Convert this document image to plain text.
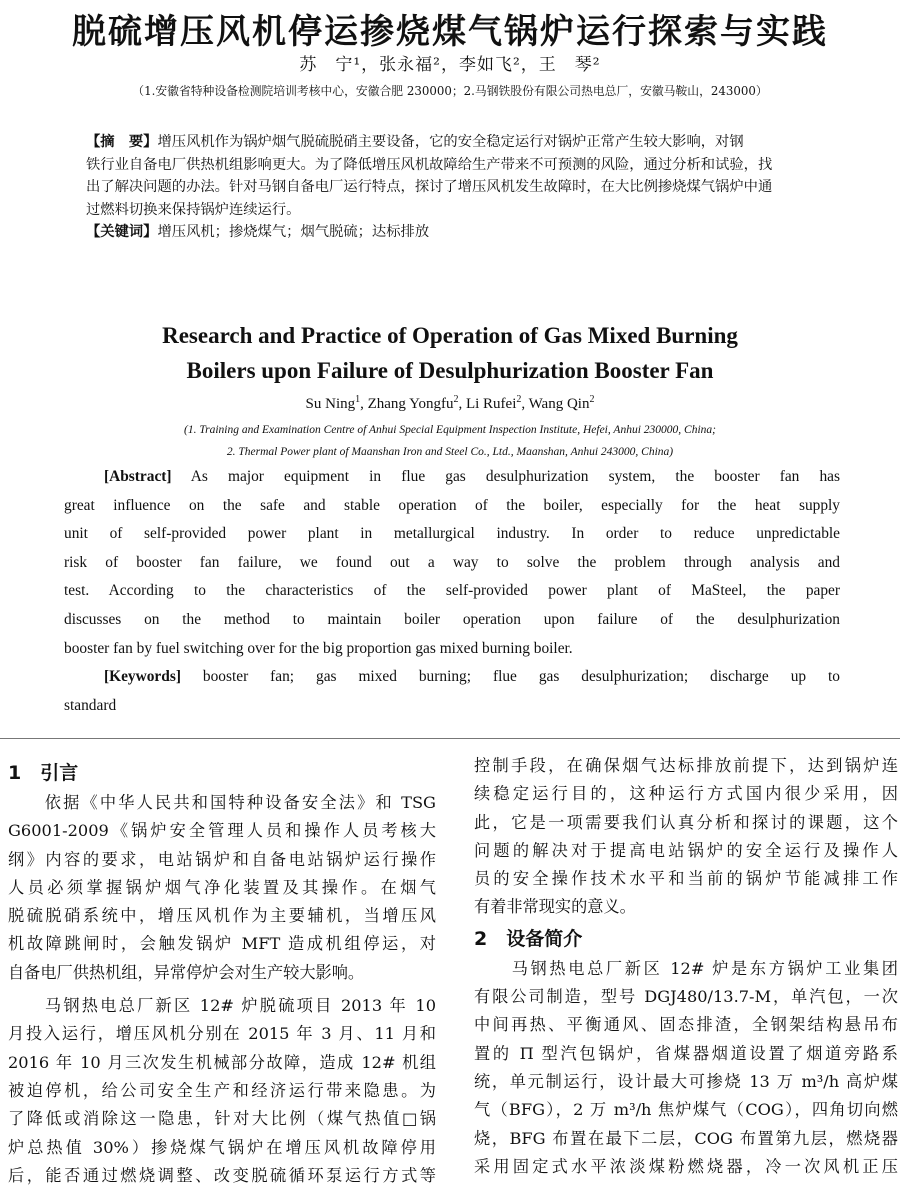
脱硫增压风机停运掺烧煤气锅炉运行探索与实践
苏　宁¹，张永福²，李如飞²，王　琴²
（1.安徽省特种设备检测院培训考核中心，安徽合肥 230000；2.马钢铁股份有限公司热电总厂，安徽马鞍山，243000）
【摘　要】增压风机作为锅炉烟气脱硫脱硝主要设备，它的安全稳定运行对锅炉正常产生较大影响，对钢
铁行业自备电厂供热机组影响更大。为了降低增压风机故障给生产带来不可预测的风险，通过分析和试验，找
出了解决问题的办法。针对马钢自备电厂运行特点，探讨了增压风机发生故障时，在大比例掺烧煤气锅炉中通
过燃料切换来保持锅炉连续运行。
【关键词】增压风机；掺烧煤气；烟气脱硫；达标排放
Research and Practice of Operation of Gas Mixed Burning
Boilers upon Failure of Desulphurization Booster Fan
Su Ning$^1$, Zhang Yongfu$^2$, Li Rufei$^2$, Wang Qin$^2$
(1. Training and Examination Centre of Anhui Special Equipment Inspection Institute, Hefei, Anhui 230000, China;
2. Thermal Power plant of Maanshan Iron and Steel Co., Ltd., Maanshan, Anhui 243000, China)
[Abstract] As major equipment in flue gas desulphurization system, the booster fan has
great influence on the safe and stable operation of the boiler, especially for the heat supply
unit of self-provided power plant in metallurgical industry. In order to reduce unpredictable
risk of booster fan failure, we found out a way to solve the problem through analysis and
test. According to the characteristics of the self-provided power plant of MaSteel, the paper
discusses on the method to maintain boiler operation upon failure of the desulphurization
booster fan by fuel switching over for the big proportion gas mixed burning boiler.
[Keywords] booster fan; gas mixed burning; flue gas desulphurization; discharge up to
standard
1　引言
　　依据《中华人民共和国特种设备安全法》和 TSG
G6001-2009《锅炉安全管理人员和操作人员考核大
纲》内容的要求，电站锅炉和自备电站锅炉运行操作
人员必须掌握锅炉烟气净化装置及其操作。在烟气
脱硫脱硝系统中，增压风机作为主要辅机，当增压风
机故障跳闸时，会触发锅炉 MFT 造成机组停运，对
自备电厂供热机组，异常停炉会对生产较大影响。
　　马钢热电总厂新区 12# 炉脱硫项目 2013 年 10
月投入运行，增压风机分别在 2015 年 3 月、11 月和
2016 年 10 月三次发生机械部分故障，造成 12# 机组
被迫停机，给公司安全生产和经济运行带来隐患。为
了降低或消除这一隐患，针对大比例（煤气热值□锅
炉总热值 30%）掺烧煤气锅炉在增压风机故障停用
后，能否通过燃烧调整、改变脱硫循环泵运行方式等
控制手段，在确保烟气达标排放前提下，达到锅炉连
续稳定运行目的，这种运行方式国内很少采用，因
此，它是一项需要我们认真分析和探讨的课题，这个
问题的解决对于提高电站锅炉的安全运行及操作人
员的安全操作技术水平和当前的锅炉节能减排工作
有着非常现实的意义。
2　设备简介
　　马钢热电总厂新区 12# 炉是东方锅炉工业集团
有限公司制造，型号 DGJ480/13.7-M，单汽包，一次
中间再热、平衡通风、固态排渣，全钢架结构悬吊布
置的 Π 型汽包锅炉，省煤器烟道设置了烟道旁路系
统，单元制运行，设计最大可掺烧 13 万 m³/h 高炉煤
气（BFG），2 万 m³/h 焦炉煤气（COG），四角切向燃
烧，BFG 布置在最下二层，COG 布置第九层，燃烧器
采用固定式水平浓淡煤粉燃烧器，冷一次风机正压
